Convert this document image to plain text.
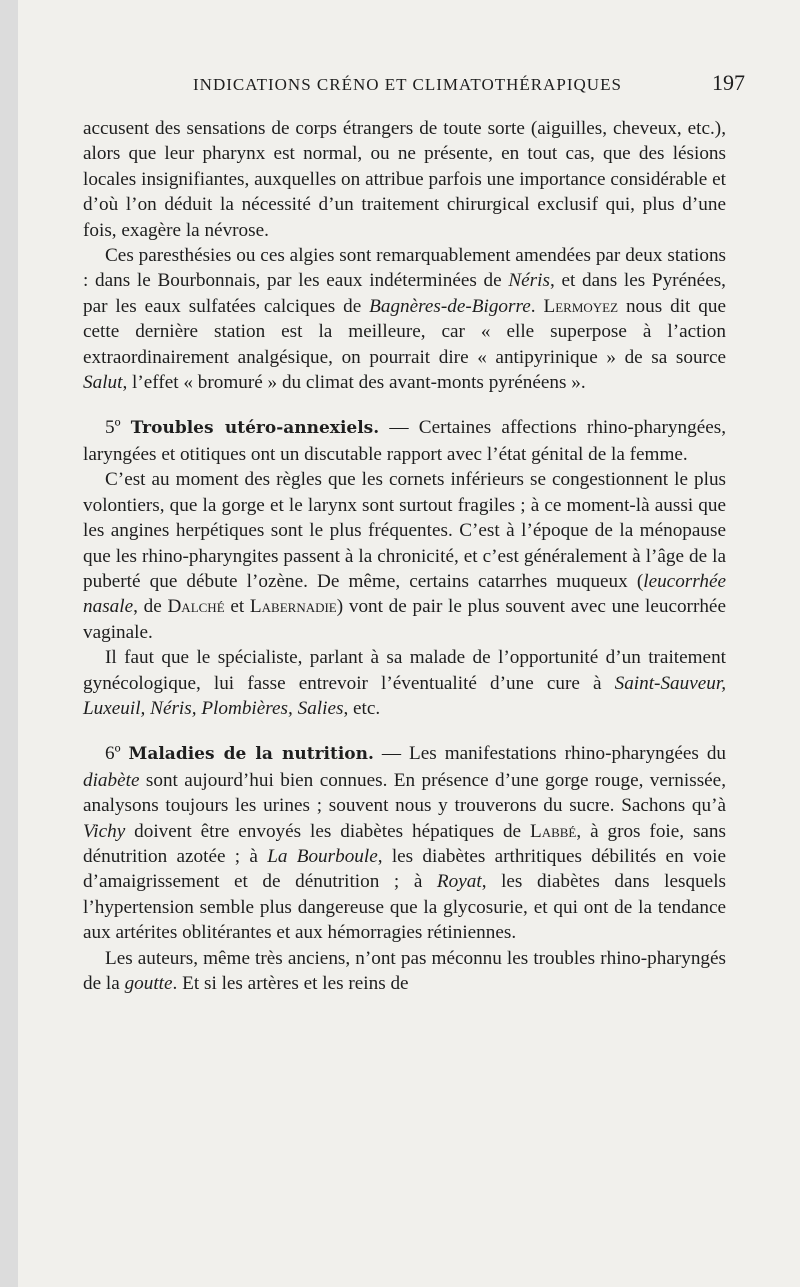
INDICATIONS CRÉNO ET CLIMATOTHÉRAPIQUES	197

accusent des sensations de corps étrangers de toute sorte (aiguilles, cheveux, etc.), alors que leur pharynx est normal, ou ne présente, en tout cas, que des lésions locales insignifiantes, auxquelles on attribue parfois une importance considérable et d’où l’on déduit la nécessité d’un traitement chirurgical exclusif qui, plus d’une fois, exagère la névrose.

Ces paresthésies ou ces algies sont remarquablement amendées par deux stations : dans le Bourbonnais, par les eaux indéterminées de Néris, et dans les Pyrénées, par les eaux sulfatées calciques de Bagnères-de-Bigorre. Lermoyez nous dit que cette dernière station est la meilleure, car « elle superpose à l’action extraordinairement analgésique, on pourrait dire « antipyrinique » de sa source Salut, l’effet « bromuré » du climat des avant-monts pyrénéens ».

5º Troubles utéro-annexiels. — Certaines affections rhino-pharyngées, laryngées et otitiques ont un discutable rapport avec l’état génital de la femme.

C’est au moment des règles que les cornets inférieurs se congestionnent le plus volontiers, que la gorge et le larynx sont surtout fragiles ; à ce moment-là aussi que les angines herpétiques sont le plus fréquentes. C’est à l’époque de la ménopause que les rhino-pharyngites passent à la chronicité, et c’est généralement à l’âge de la puberté que débute l’ozène. De même, certains catarrhes muqueux (leucorrhée nasale, de Dalché et Labernadie) vont de pair le plus souvent avec une leucorrhée vaginale.

Il faut que le spécialiste, parlant à sa malade de l’opportunité d’un traitement gynécologique, lui fasse entrevoir l’éventualité d’une cure à Saint-Sauveur, Luxeuil, Néris, Plombières, Salies, etc.

6º Maladies de la nutrition. — Les manifestations rhino-pharyngées du diabète sont aujourd’hui bien connues. En présence d’une gorge rouge, vernissée, analysons toujours les urines ; souvent nous y trouverons du sucre. Sachons qu’à Vichy doivent être envoyés les diabètes hépatiques de Labbé, à gros foie, sans dénutrition azotée ; à La Bourboule, les diabètes arthritiques débilités en voie d’amaigrissement et de dénutrition ; à Royat, les diabètes dans lesquels l’hypertension semble plus dangereuse que la glycosurie, et qui ont de la tendance aux artérites oblitérantes et aux hémorragies rétiniennes.

Les auteurs, même très anciens, n’ont pas méconnu les troubles rhino-pharyngés de la goutte. Et si les artères et les reins de
